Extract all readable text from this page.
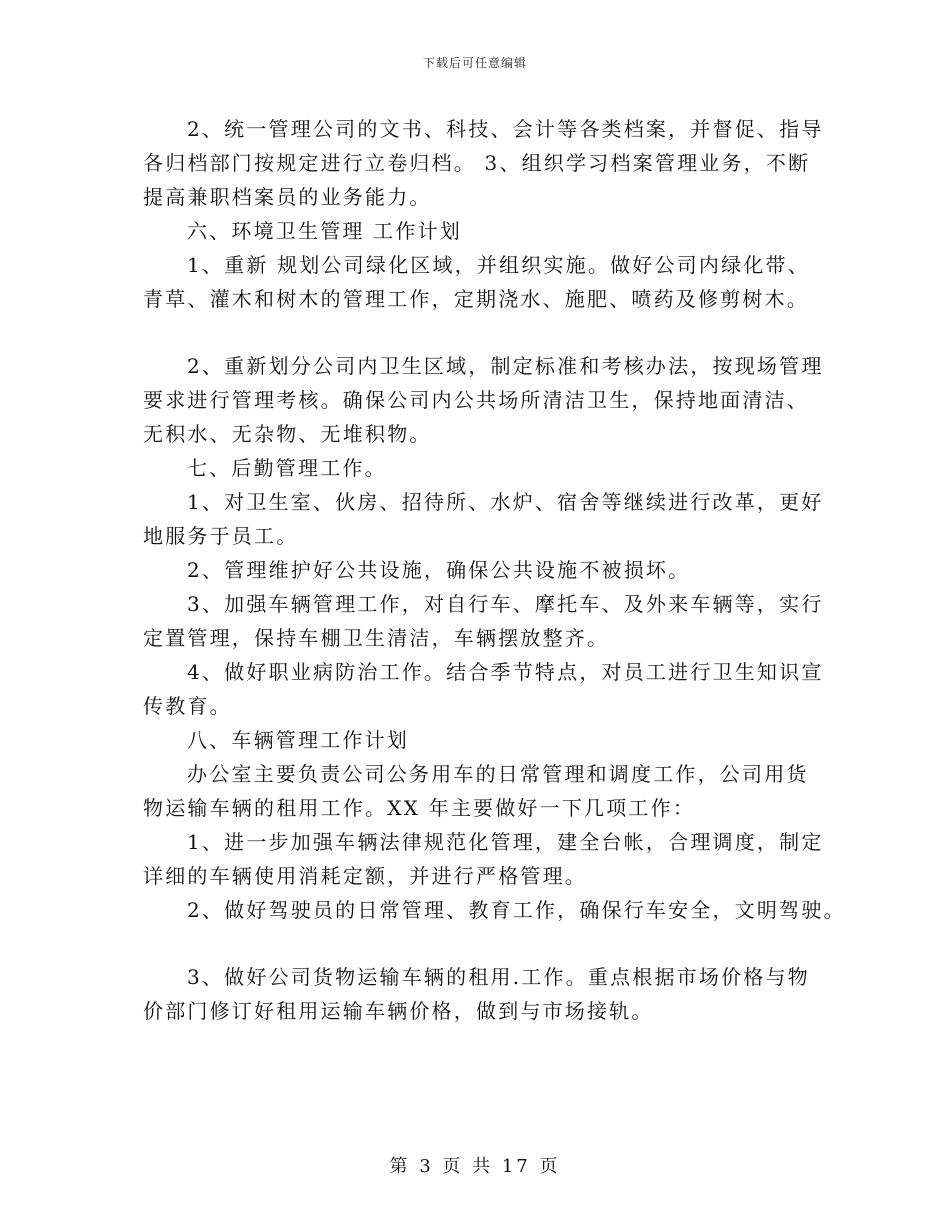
下载后可任意编辑
2、统一管理公司的文书、科技、会计等各类档案，并督促、指导
各归档部门按规定进行立卷归档。 3、组织学习档案管理业务，不断
提高兼职档案员的业务能力。
六、环境卫生管理 工作计划
1、重新 规划公司绿化区域，并组织实施。做好公司内绿化带、
青草、灌木和树木的管理工作，定期浇水、施肥、喷药及修剪树木。
2、重新划分公司内卫生区域，制定标准和考核办法，按现场管理
要求进行管理考核。确保公司内公共场所清洁卫生，保持地面清洁、
无积水、无杂物、无堆积物。
七、后勤管理工作。
1、对卫生室、伙房、招待所、水炉、宿舍等继续进行改革，更好
地服务于员工。
2、管理维护好公共设施，确保公共设施不被损坏。
3、加强车辆管理工作，对自行车、摩托车、及外来车辆等，实行
定置管理，保持车棚卫生清洁，车辆摆放整齐。
4、做好职业病防治工作。结合季节特点，对员工进行卫生知识宣
传教育。
八、车辆管理工作计划
办公室主要负责公司公务用车的日常管理和调度工作，公司用货
物运输车辆的租用工作。XX 年主要做好一下几项工作：
1、进一步加强车辆法律规范化管理，建全台帐，合理调度，制定
详细的车辆使用消耗定额，并进行严格管理。
2、做好驾驶员的日常管理、教育工作，确保行车安全，文明驾驶。
3、做好公司货物运输车辆的租用.工作。重点根据市场价格与物
价部门修订好租用运输车辆价格，做到与市场接轨。
第 3 页 共 17 页
